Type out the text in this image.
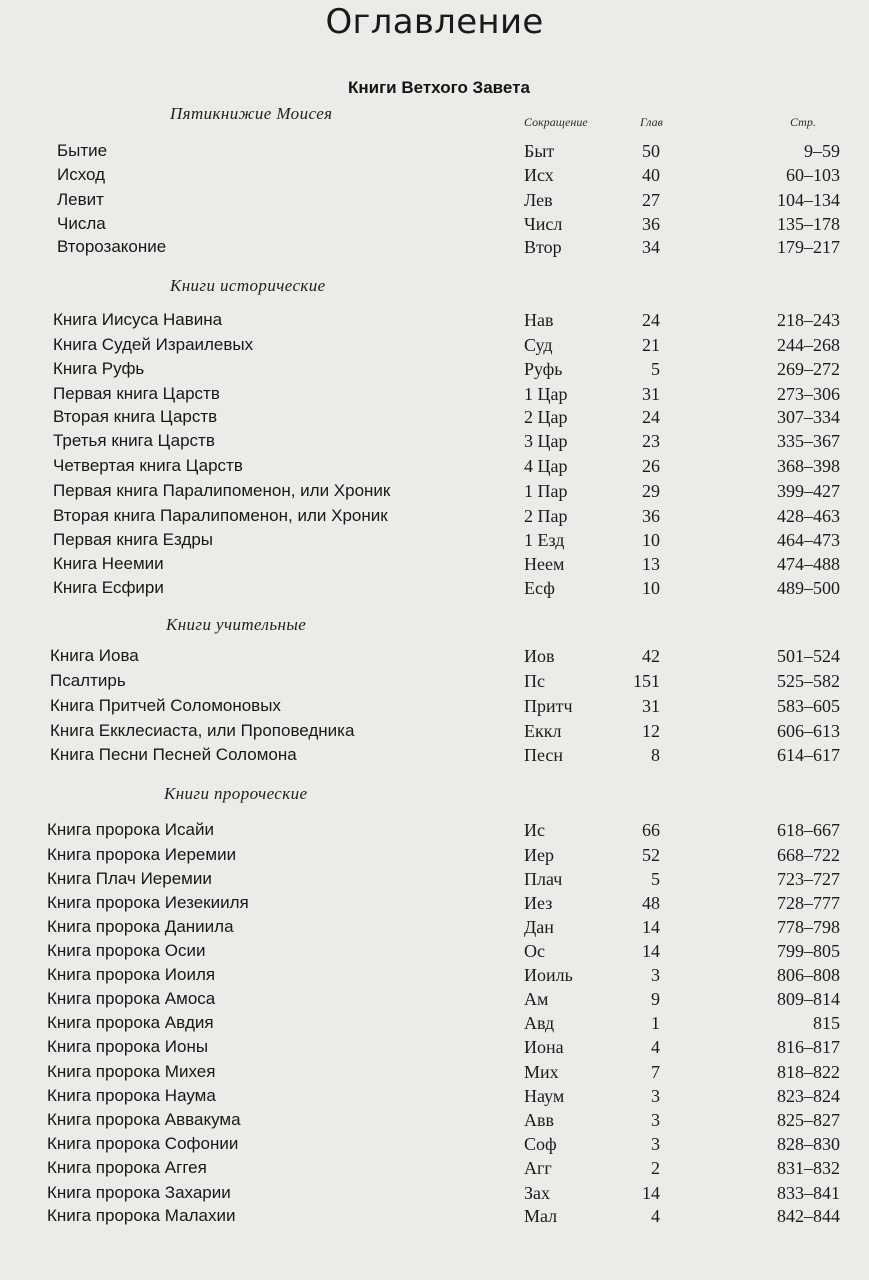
Оглавление
Книги Ветхого Завета
Сокращение	Глав	Стр.
Пятикнижие Моисея
Книги исторические
Книги учительные
Книги пророческие
Бытие	Быт	50	9–59
Исход	Исх	40	60–103
Левит	Лев	27	104–134
Числа	Числ	36	135–178
Второзаконие	Втор	34	179–217
Книга Иисуса Навина	Нав	24	218–243
Книга Судей Израилевых	Суд	21	244–268
Книга Руфь	Руфь	5	269–272
Первая книга Царств	1 Цар	31	273–306
Вторая книга Царств	2 Цар	24	307–334
Третья книга Царств	3 Цар	23	335–367
Четвертая книга Царств	4 Цар	26	368–398
Первая книга Паралипоменон, или Хроник	1 Пар	29	399–427
Вторая книга Паралипоменон, или Хроник	2 Пар	36	428–463
Первая книга Ездры	1 Езд	10	464–473
Книга Неемии	Неем	13	474–488
Книга Есфири	Есф	10	489–500
Книга Иова	Иов	42	501–524
Псалтирь	Пс	151	525–582
Книга Притчей Соломоновых	Притч	31	583–605
Книга Екклесиаста, или Проповедника	Еккл	12	606–613
Книга Песни Песней Соломона	Песн	8	614–617
Книга пророка Исайи	Ис	66	618–667
Книга пророка Иеремии	Иер	52	668–722
Книга Плач Иеремии	Плач	5	723–727
Книга пророка Иезекииля	Иез	48	728–777
Книга пророка Даниила	Дан	14	778–798
Книга пророка Осии	Ос	14	799–805
Книга пророка Иоиля	Иоиль	3	806–808
Книга пророка Амоса	Ам	9	809–814
Книга пророка Авдия	Авд	1	815
Книга пророка Ионы	Иона	4	816–817
Книга пророка Михея	Мих	7	818–822
Книга пророка Наума	Наум	3	823–824
Книга пророка Аввакума	Авв	3	825–827
Книга пророка Софонии	Соф	3	828–830
Книга пророка Аггея	Агг	2	831–832
Книга пророка Захарии	Зах	14	833–841
Книга пророка Малахии	Мал	4	842–844
